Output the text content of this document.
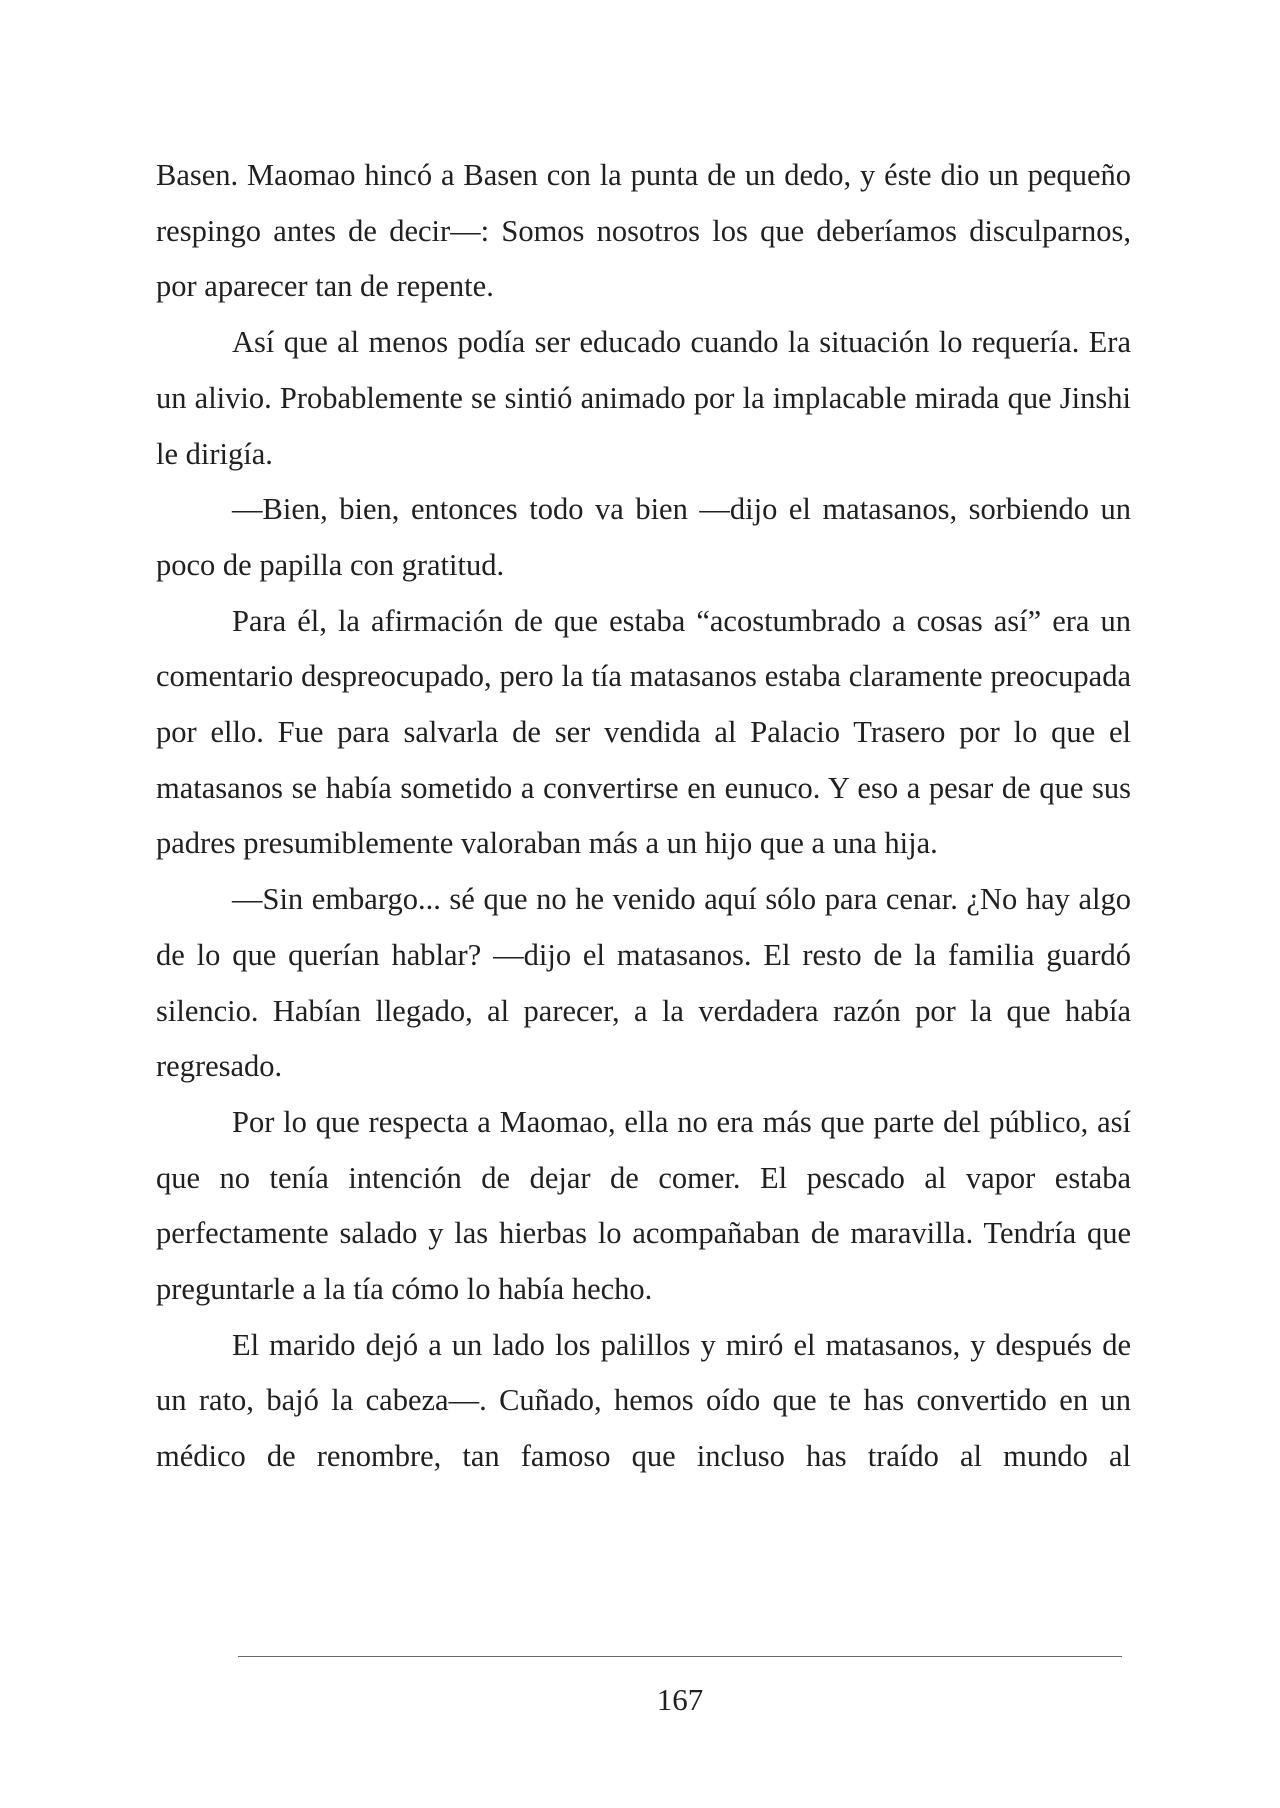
Basen. Maomao hincó a Basen con la punta de un dedo, y éste dio un pequeño respingo antes de decir—: Somos nosotros los que deberíamos disculparnos, por aparecer tan de repente.

Así que al menos podía ser educado cuando la situación lo requería. Era un alivio. Probablemente se sintió animado por la implacable mirada que Jinshi le dirigía.

—Bien, bien, entonces todo va bien —dijo el matasanos, sorbiendo un poco de papilla con gratitud.

Para él, la afirmación de que estaba “acostumbrado a cosas así” era un comentario despreocupado, pero la tía matasanos estaba claramente preocupada por ello. Fue para salvarla de ser vendida al Palacio Trasero por lo que el matasanos se había sometido a convertirse en eunuco. Y eso a pesar de que sus padres presumiblemente valoraban más a un hijo que a una hija.

—Sin embargo... sé que no he venido aquí sólo para cenar. ¿No hay algo de lo que querían hablar? —dijo el matasanos. El resto de la familia guardó silencio. Habían llegado, al parecer, a la verdadera razón por la que había regresado.

Por lo que respecta a Maomao, ella no era más que parte del público, así que no tenía intención de dejar de comer. El pescado al vapor estaba perfectamente salado y las hierbas lo acompañaban de maravilla. Tendría que preguntarle a la tía cómo lo había hecho.

El marido dejó a un lado los palillos y miró el matasanos, y después de un rato, bajó la cabeza—. Cuñado, hemos oído que te has convertido en un médico de renombre, tan famoso que incluso has traído al mundo al

167
